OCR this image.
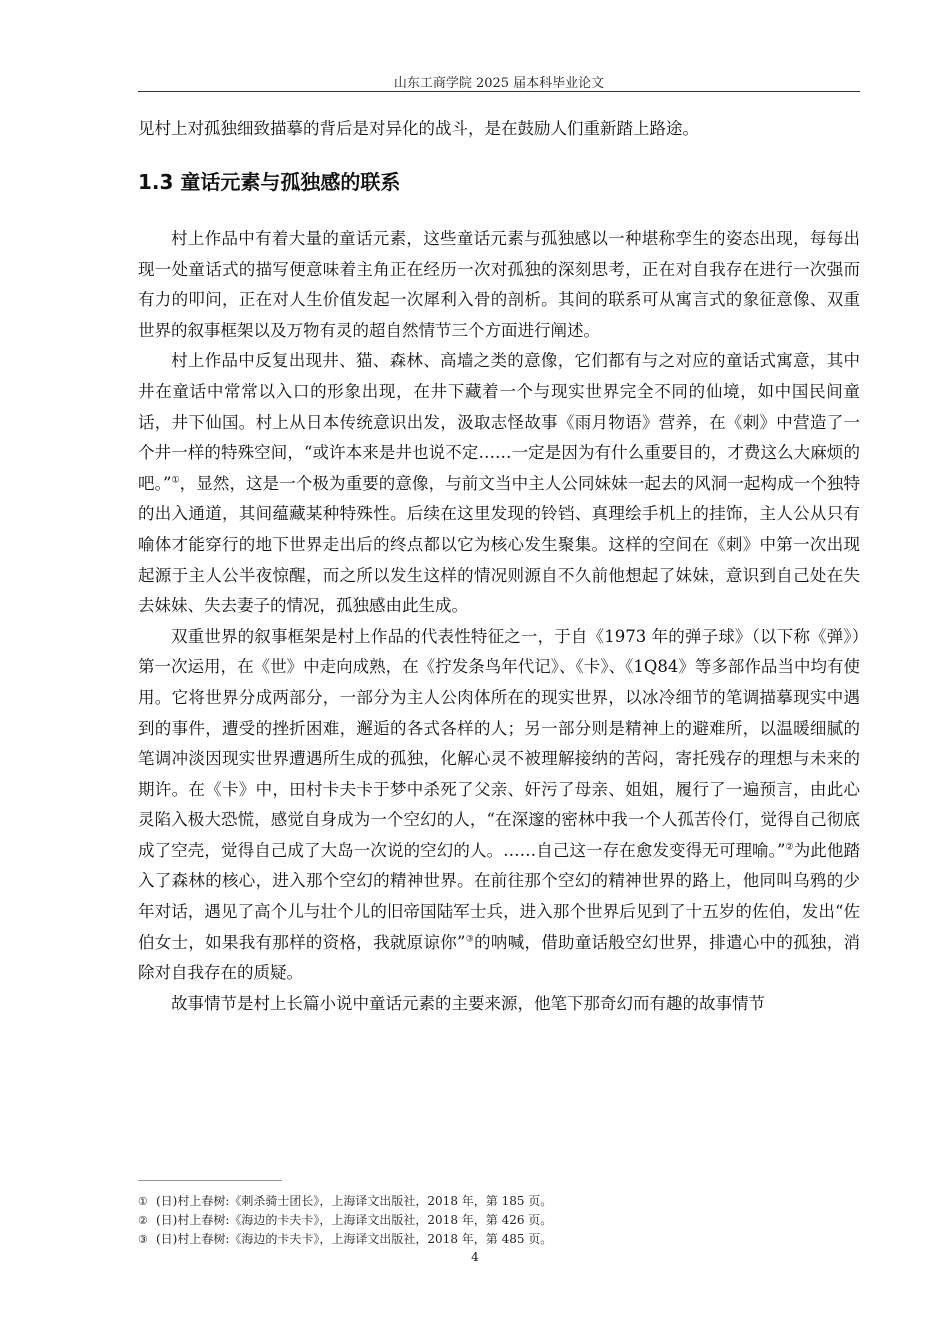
山东工商学院 2025 届本科毕业论文

见村上对孤独细致描摹的背后是对异化的战斗，是在鼓励人们重新踏上路途。

1.3 童话元素与孤独感的联系

村上作品中有着大量的童话元素，这些童话元素与孤独感以一种堪称孪生的姿态出现，每每出现一处童话式的描写便意味着主角正在经历一次对孤独的深刻思考，正在对自我存在进行一次强而有力的叩问，正在对人生价值发起一次犀利入骨的剖析。其间的联系可从寓言式的象征意像、双重世界的叙事框架以及万物有灵的超自然情节三个方面进行阐述。

村上作品中反复出现井、猫、森林、高墙之类的意像，它们都有与之对应的童话式寓意，其中井在童话中常常以入口的形象出现，在井下藏着一个与现实世界完全不同的仙境，如中国民间童话，井下仙国。村上从日本传统意识出发，汲取志怪故事《雨月物语》营养，在《刺》中营造了一个井一样的特殊空间，“或许本来是井也说不定……一定是因为有什么重要目的，才费这么大麻烦的吧。”①，显然，这是一个极为重要的意像，与前文当中主人公同妹妹一起去的风洞一起构成一个独特的出入通道，其间蕴藏某种特殊性。后续在这里发现的铃铛、真理绘手机上的挂饰，主人公从只有喻体才能穿行的地下世界走出后的终点都以它为核心发生聚集。这样的空间在《刺》中第一次出现起源于主人公半夜惊醒，而之所以发生这样的情况则源自不久前他想起了妹妹，意识到自己处在失去妹妹、失去妻子的情况，孤独感由此生成。

双重世界的叙事框架是村上作品的代表性特征之一，于自《1973 年的弹子球》（以下称《弹》）第一次运用，在《世》中走向成熟，在《拧发条鸟年代记》、《卡》、《1Q84》等多部作品当中均有使用。它将世界分成两部分，一部分为主人公肉体所在的现实世界，以冰冷细节的笔调描摹现实中遇到的事件，遭受的挫折困难，邂逅的各式各样的人；另一部分则是精神上的避难所，以温暖细腻的笔调冲淡因现实世界遭遇所生成的孤独，化解心灵不被理解接纳的苦闷，寄托残存的理想与未来的期许。在《卡》中，田村卡夫卡于梦中杀死了父亲、奸污了母亲、姐姐，履行了一遍预言，由此心灵陷入极大恐慌，感觉自身成为一个空幻的人，“在深邃的密林中我一个人孤苦伶仃，觉得自己彻底成了空壳，觉得自己成了大岛一次说的空幻的人。……自己这一存在愈发变得无可理喻。”②为此他踏入了森林的核心，进入那个空幻的精神世界。在前往那个空幻的精神世界的路上，他同叫乌鸦的少年对话，遇见了高个儿与壮个儿的旧帝国陆军士兵，进入那个世界后见到了十五岁的佐伯，发出“佐伯女士，如果我有那样的资格，我就原谅你”③的呐喊，借助童话般空幻世界，排遣心中的孤独，消除对自我存在的质疑。

故事情节是村上长篇小说中童话元素的主要来源，他笔下那奇幻而有趣的故事情节

① (日)村上春树:《刺杀骑士团长》，上海译文出版社，2018 年，第 185 页。
② (日)村上春树:《海边的卡夫卡》，上海译文出版社，2018 年，第 426 页。
③ (日)村上春树:《海边的卡夫卡》，上海译文出版社，2018 年，第 485 页。
4
